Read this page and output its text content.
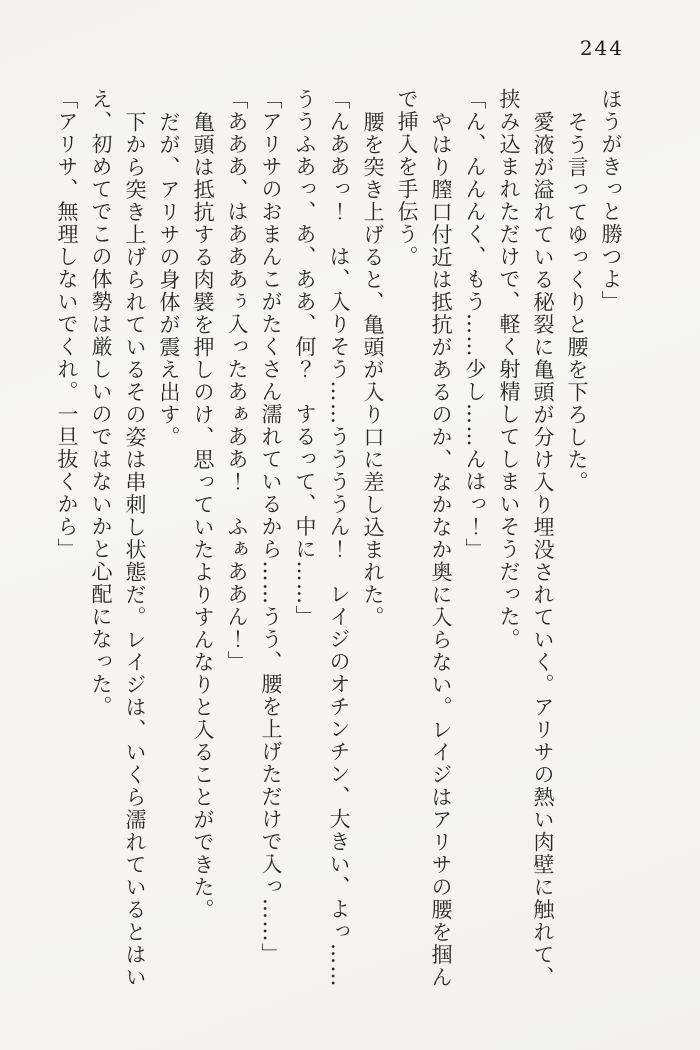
244

ほうがきっと勝つよ」

そう言ってゆっくりと腰を下ろした。

愛液が溢れている秘裂に亀頭が分け入り埋没されていく。アリサの熱い肉壁に触れて、

挟み込まれただけで、軽く射精してしまいそうだった。

「ん、んんんく、もう……少し……んはっ！」

やはり膣口付近は抵抗があるのか、なかなか奥に入らない。レイジはアリサの腰を掴ん

で挿入を手伝う。

腰を突き上げると、亀頭が入り口に差し込まれた。

「んああっ！　は、入りそう……ううううん！　レイジのオチンチン、大きい、よっ……

ううふあっ、あ、ああ、何？　するって、中に……」

「アリサのおまんこがたくさん濡れているから……うう、腰を上げただけで入っ……」

「あああ、はあああぅ入ったあぁああ！　ふぁああん！」

亀頭は抵抗する肉襞を押しのけ、思っていたよりすんなりと入ることができた。

だが、アリサの身体が震え出す。

下から突き上げられているその姿は串刺し状態だ。レイジは、いくら濡れているとはい

え、初めてでこの体勢は厳しいのではないかと心配になった。

「アリサ、無理しないでくれ。一旦抜くから」
